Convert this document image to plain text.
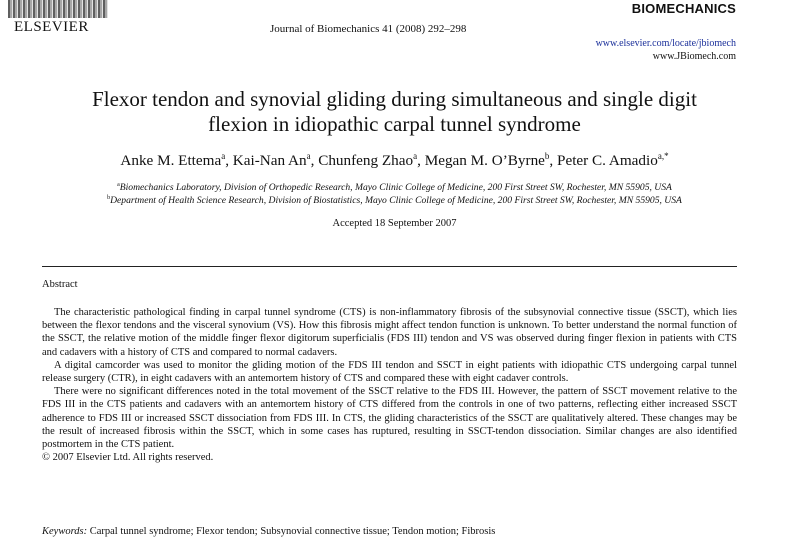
ELSEVIER	Journal of Biomechanics 41 (2008) 292–298
BIOMECHANICS
www.elsevier.com/locate/jbiomech
www.JBiomech.com
Flexor tendon and synovial gliding during simultaneous and single digit
flexion in idiopathic carpal tunnel syndrome
Anke M. Ettema$^a$, Kai-Nan An$^a$, Chunfeng Zhao$^a$, Megan M. O’Byrne$^b$, Peter C. Amadio$^{a,*}$
$^a$Biomechanics Laboratory, Division of Orthopedic Research, Mayo Clinic College of Medicine, 200 First Street SW, Rochester, MN 55905, USA
$^b$Department of Health Science Research, Division of Biostatistics, Mayo Clinic College of Medicine, 200 First Street SW, Rochester, MN 55905, USA
Accepted 18 September 2007
Abstract

The characteristic pathological finding in carpal tunnel syndrome (CTS) is non-inflammatory fibrosis of the subsynovial connective tissue (SSCT), which lies between the flexor tendons and the visceral synovium (VS). How this fibrosis might affect tendon function is unknown. To better understand the normal function of the SSCT, the relative motion of the middle finger flexor digitorum superficialis (FDS III) tendon and VS was observed during finger flexion in patients with CTS and cadavers with a history of CTS and compared to normal cadavers.

A digital camcorder was used to monitor the gliding motion of the FDS III tendon and SSCT in eight patients with idiopathic CTS undergoing carpal tunnel release surgery (CTR), in eight cadavers with an antemortem history of CTS and compared these with eight cadaver controls.

There were no significant differences noted in the total movement of the SSCT relative to the FDS III. However, the pattern of SSCT movement relative to the FDS III in the CTS patients and cadavers with an antemortem history of CTS differed from the controls in one of two patterns, reflecting either increased SSCT adherence to FDS III or increased SSCT dissociation from FDS III. In CTS, the gliding characteristics of the SSCT are qualitatively altered. These changes may be the result of increased fibrosis within the SSCT, which in some cases has ruptured, resulting in SSCT-tendon dissociation. Similar changes are also identified postmortem in the CTS patient.

© 2007 Elsevier Ltd. All rights reserved.

Keywords: Carpal tunnel syndrome; Flexor tendon; Subsynovial connective tissue; Tendon motion; Fibrosis
